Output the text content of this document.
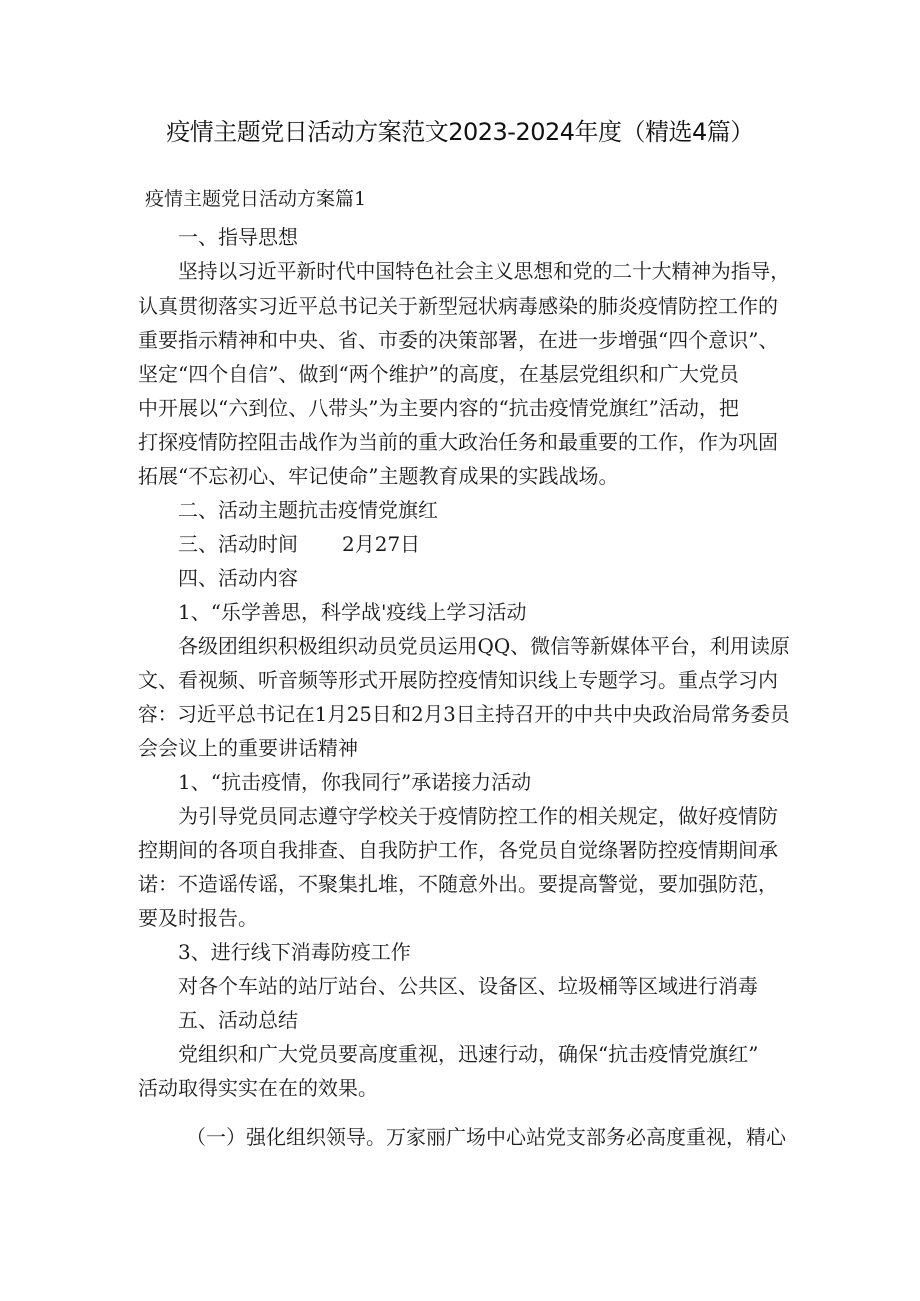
疫情主题党日活动方案范文2023-2024年度（精选4篇）
疫情主题党日活动方案篇1
一、指导思想
坚持以习近平新时代中国特色社会主义思想和党的二十大精神为指导，
认真贯彻落实习近平总书记关于新型冠状病毒感染的肺炎疫情防控工作的
重要指示精神和中央、省、市委的决策部署，在进一步增强“四个意识”、
坚定“四个自信”、做到“两个维护”的高度，在基层党组织和广大党员
中开展以“六到位、八带头”为主要内容的“抗击疫情党旗红”活动，把
打探疫情防控阻击战作为当前的重大政治任务和最重要的工作，作为巩固
拓展“不忘初心、牢记使命”主题教育成果的实践战场。
二、活动主题抗击疫情党旗红
三、活动时间 2月27日
四、活动内容
1、“乐学善思，科学战'疫线上学习活动
各级团组织积极组织动员党员运用QQ、微信等新媒体平台，利用读原
文、看视频、听音频等形式开展防控疫情知识线上专题学习。重点学习内
容：习近平总书记在1月25日和2月3日主持召开的中共中央政治局常务委员
会会议上的重要讲话精神
1、“抗击疫情，你我同行”承诺接力活动
为引导党员同志遵守学校关于疫情防控工作的相关规定，做好疫情防
控期间的各项自我排查、自我防护工作，各党员自觉绦署防控疫情期间承
诺：不造谣传谣，不聚集扎堆，不随意外出。要提高警觉，要加强防范，
要及时报告。
3、进行线下消毒防疫工作
对各个车站的站厅站台、公共区、设备区、垃圾桶等区域进行消毒
五、活动总结
党组织和广大党员要高度重视，迅速行动，确保“抗击疫情党旗红”
活动取得实实在在的效果。
（一）强化组织领导。万家丽广场中心站党支部务必高度重视，精心
